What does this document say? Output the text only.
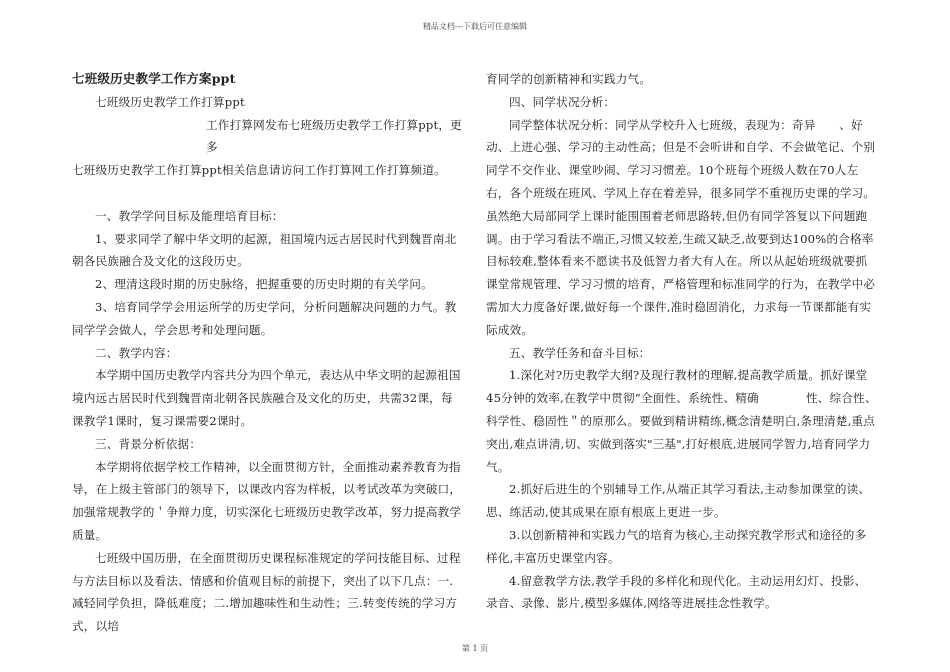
精品文档---下载后可任意编辑

七班级历史教学工作方案ppt

七班级历史教学工作打算ppt

工作打算网发布七班级历史教学工作打算ppt，更多

七班级历史教学工作打算ppt相关信息请访问工作打算网工作打算频道。

一、教学学问目标及能理培育目标：

1、要求同学了解中华文明的起源，祖国境内远古居民时代到魏晋南北朝各民族融合及文化的这段历史。

2、理清这段时期的历史脉络，把握重要的历史时期的有关学问。

3、培育同学学会用运所学的历史学问，分析问题解决问题的力气。教同学学会做人，学会思考和处理问题。

二、教学内容：

本学期中国历史教学内容共分为四个单元，表达从中华文明的起源祖国境内远古居民时代到魏晋南北朝各民族融合及文化的历史，共需32课，每课教学1课时，复习课需要2课时。

三、背景分析依据：

本学期将依据学校工作精神，以全面贯彻方针，全面推动素养教育为指导，在上级主管部门的领导下，以课改内容为样板，以考试改革为突破口，加强常规教学的＇争辩力度，切实深化七班级历史教学改革，努力提高教学质量。

七班级中国历册，在全面贯彻历史课程标准规定的学问技能目标、过程与方法目标以及看法、情感和价值观目标的前提下，突出了以下几点：一.减轻同学负担，降低难度；二.增加趣味性和生动性；三.转变传统的学习方式，以培

育同学的创新精神和实践力气。

四、同学状况分析：

同学整体状况分析：同学从学校升入七班级，表现为：奇异　　、好动、上进心强、学习的主动性高；但是不会听讲和自学、不会做笔记、个别同学不交作业、课堂吵闹、学习习惯差。10个班每个班级人数在70人左右，各个班级在班风、学风上存在着差异，很多同学不重视历史课的学习。虽然绝大局部同学上课时能围围着老师思路转,但仍有同学答复以下问题跑调。由于学习看法不端正,习惯又较差,生疏又缺乏,故要到达100%的合格率目标较难,整体看来不愿读书及低智力者大有人在。所以从起始班级就要抓课堂常规管理、学习习惯的培育，严格管理和标准同学的行为，在教学中必需加大力度备好课,做好每一个课件,准时稳固消化，力求每一节课都能有实际成效。

五、教学任务和奋斗目标：

1.深化对?历史教学大纲?及现行教材的理解,提高教学质量。抓好课堂45分钟的效率,在教学中贯彻“全面性、系统性、精确　　　　性、综合性、科学性、稳固性＂的原那么。要做到精讲精练,概念清楚明白,条理清楚,重点突出,难点讲清,切、实做到落实"三基",打好根底,进展同学智力,培育同学力气。

2.抓好后进生的个别辅导工作,从端正其学习看法,主动参加课堂的读、思、练活动,使其成果在原有根底上更进一步。

3.以创新精神和实践力气的培育为核心,主动探究教学形式和途径的多样化,丰富历史课堂内容。

4.留意教学方法,教学手段的多样化和现代化。主动运用幻灯、投影、录音、录像、影片,模型多媒体,网络等进展挂念性教学。

第 1 页
